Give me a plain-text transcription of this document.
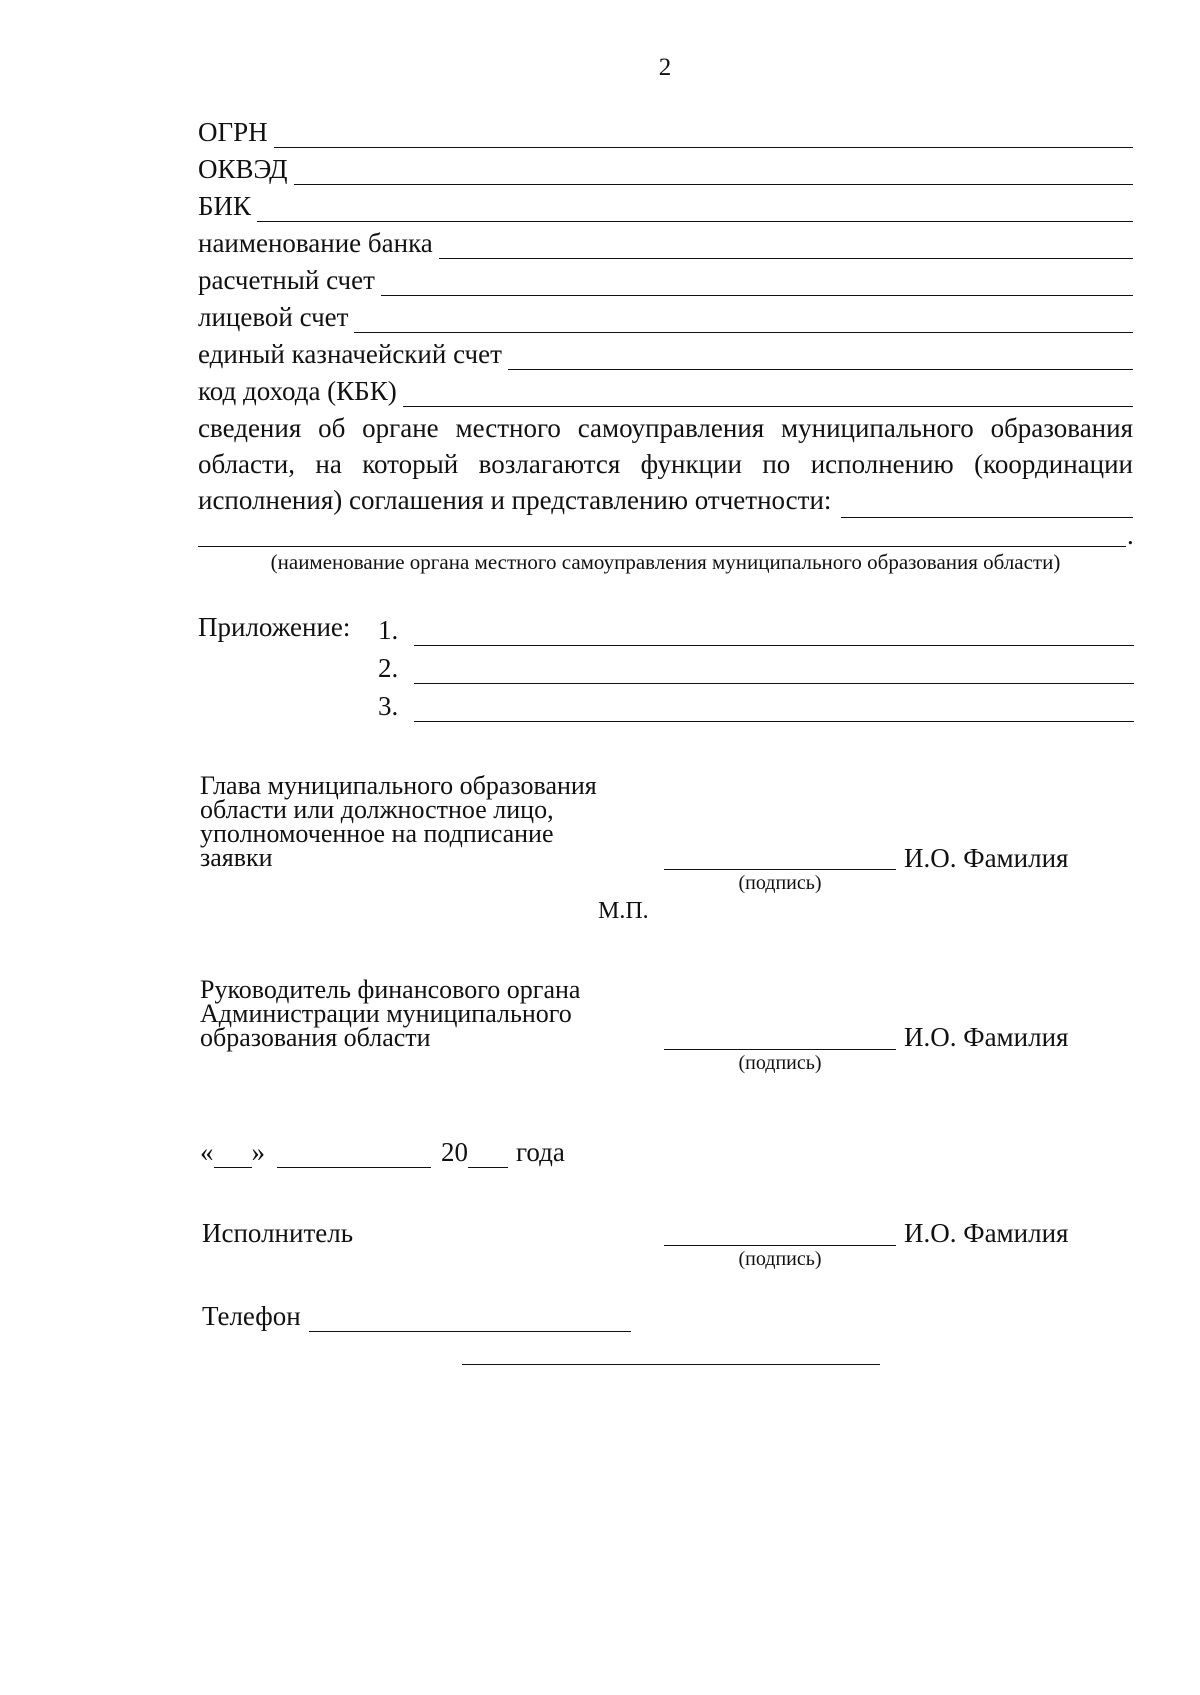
2
ОГРН
ОКВЭД
БИК
наименование банка
расчетный счет
лицевой счет
единый казначейский счет
код дохода (КБК)
сведения об органе местного самоуправления муниципального образования
области, на который возлагаются функции по исполнению (координации
исполнения) соглашения и представлению отчетности:
.
(наименование органа местного самоуправления муниципального образования области)
Приложение: 1.
2.
3.
Глава муниципального образования
области или должностное лицо,
уполномоченное на подписание
заявки	И.О. Фамилия
(подпись)
М.П.
Руководитель финансового органа
Администрации муниципального
образования области	И.О. Фамилия
(подпись)
« »	20 года
Исполнитель	И.О. Фамилия
(подпись)
Телефон
